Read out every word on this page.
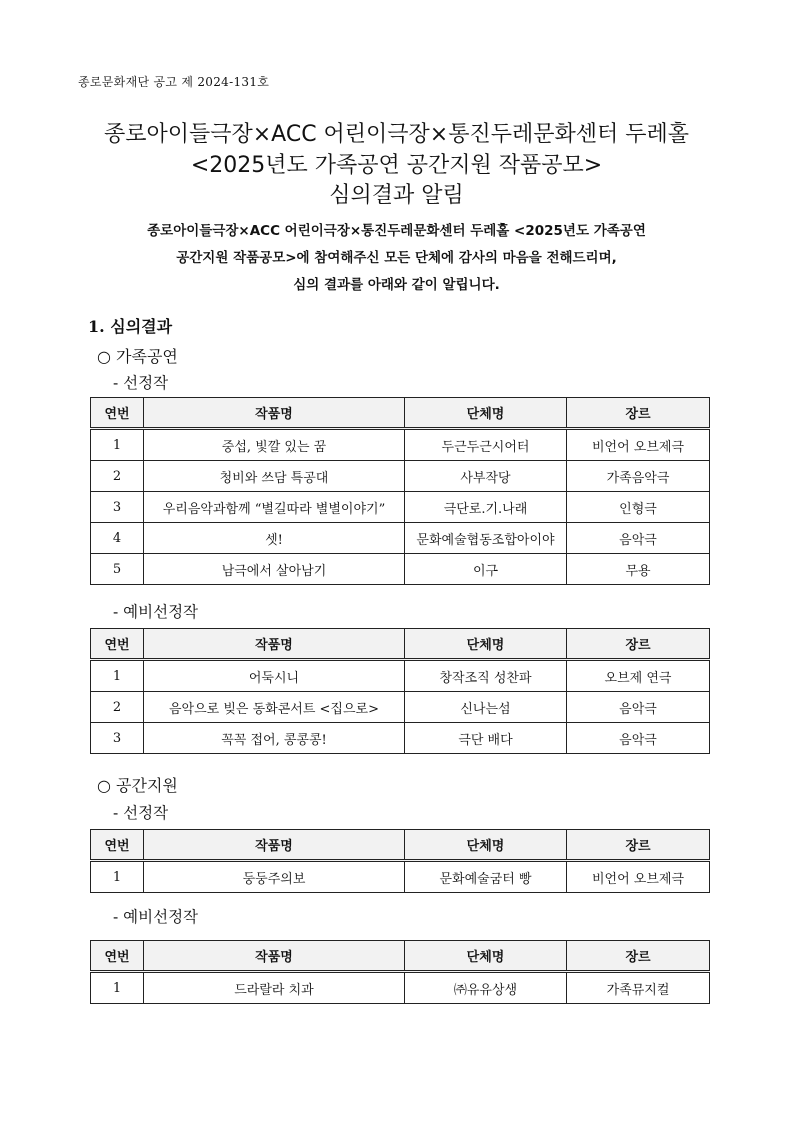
종로문화재단 공고 제 2024-131호
종로아이들극장×ACC 어린이극장×통진두레문화센터 두레홀
<2025년도 가족공연 공간지원 작품공모>
심의결과 알림
종로아이들극장×ACC 어린이극장×통진두레문화센터 두레홀 <2025년도 가족공연
공간지원 작품공모>에 참여해주신 모든 단체에 감사의 마음을 전해드리며,
심의 결과를 아래와 같이 알립니다.
1. 심의결과
○ 가족공연
- 선정작
연번	작품명	단체명	장르
1	중섭, 빛깔 있는 꿈	두근두근시어터	비언어 오브제극
2	청비와 쓰담 특공대	사부작당	가족음악극
3	우리음악과함께 “별길따라 별별이야기”	극단로.기.나래	인형극
4	셋!	문화예술협동조합아이야	음악극
5	남극에서 살아남기	이구	무용
- 예비선정작
연번	작품명	단체명	장르
1	어둑시니	창작조직 성찬파	오브제 연극
2	음악으로 빚은 동화콘서트 <집으로>	신나는섬	음악극
3	꼭꼭 접어, 콩콩콩!	극단 배다	음악극
○ 공간지원
- 선정작
연번	작품명	단체명	장르
1	둥둥주의보	문화예술굼터 빵	비언어 오브제극
- 예비선정작
연번	작품명	단체명	장르
1	드라랄라 치과	㈜유유상생	가족뮤지컬
